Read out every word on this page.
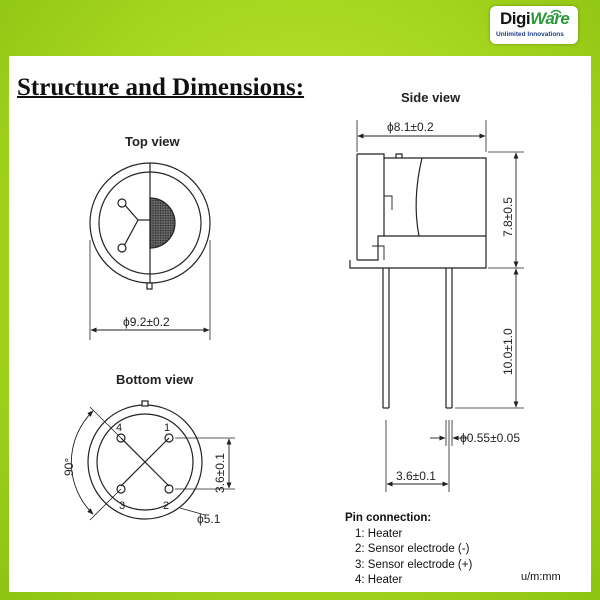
DigiWare
Unlimited Innovations
Structure and Dimensions:
Top view
Side view
Bottom view
ϕ9.2±0.2
4	1
3	2
90°	3.6±0.1
ϕ5.1
ϕ8.1±0.2
7.8±0.5
10.0±1.0
ϕ0.55±0.05
3.6±0.1
Pin connection:
1: Heater
2: Sensor electrode (-)
3: Sensor electrode (+)
4: Heater	u/m:mm
